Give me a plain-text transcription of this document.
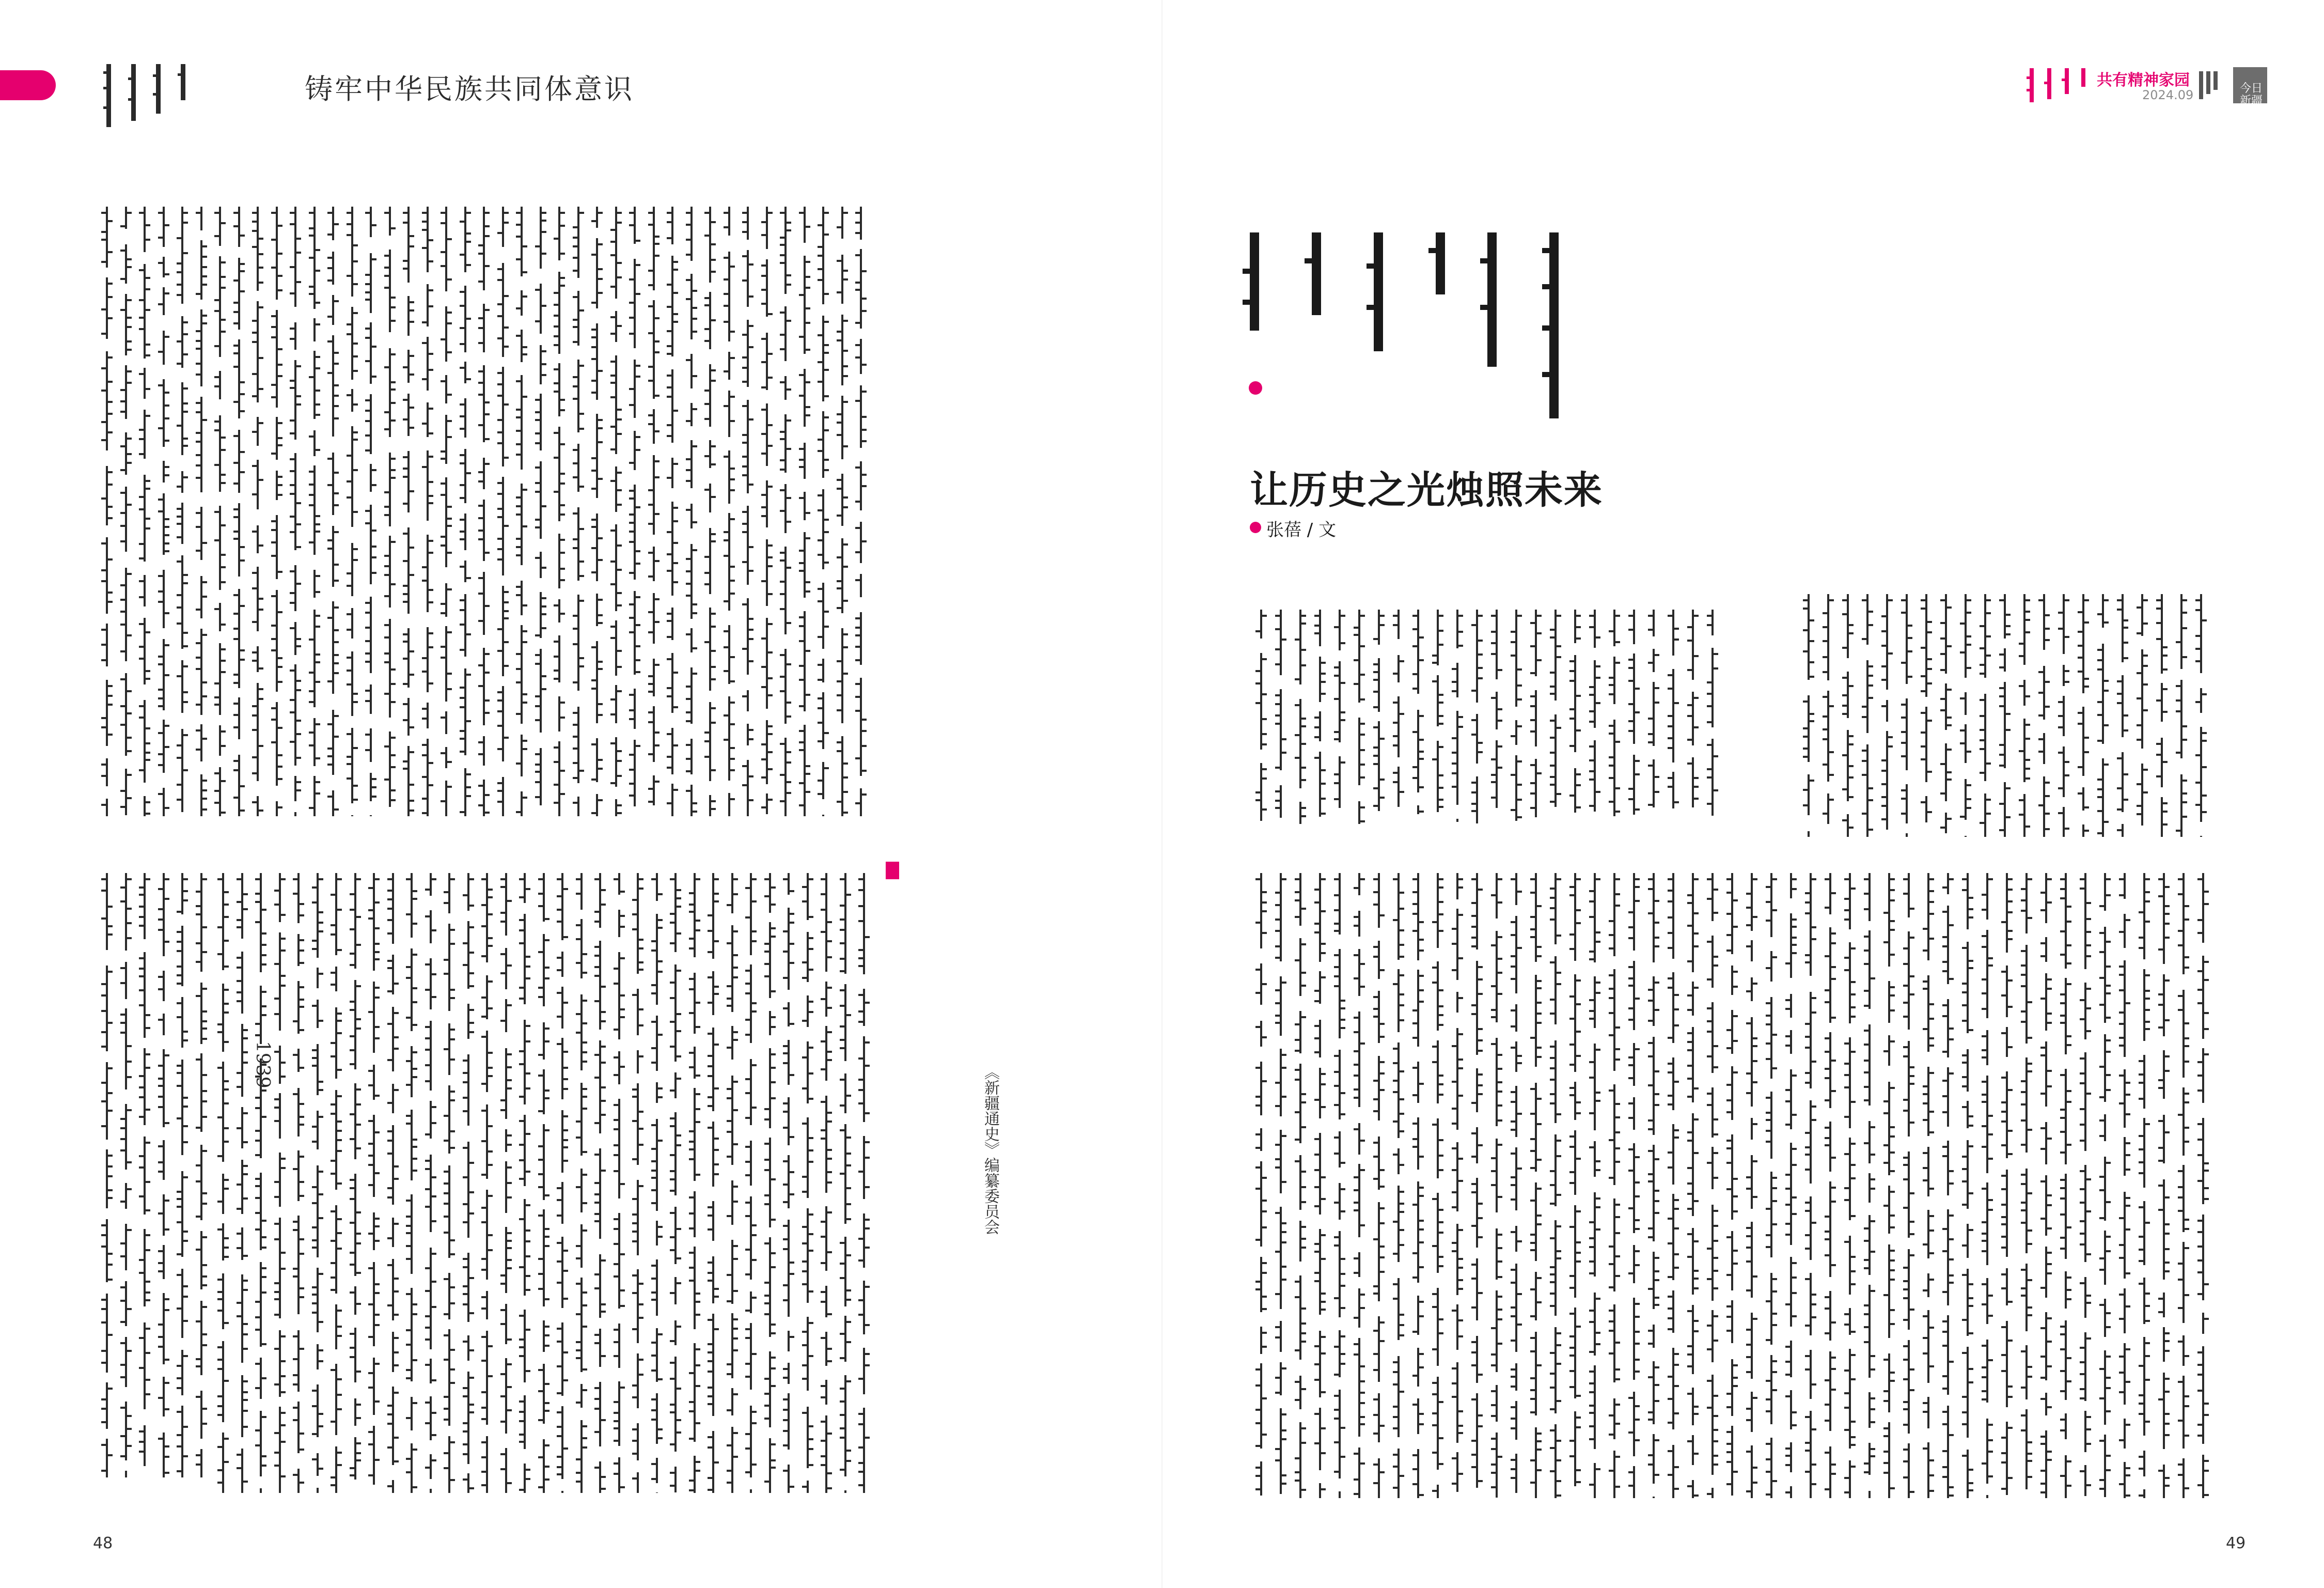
铸牢中华民族共同体意识	共有精神家园
2024.09	今日 新疆
让历史之光烛照未来
张蓓 / 文
《新疆通史》编纂委员会
1939
48	49
